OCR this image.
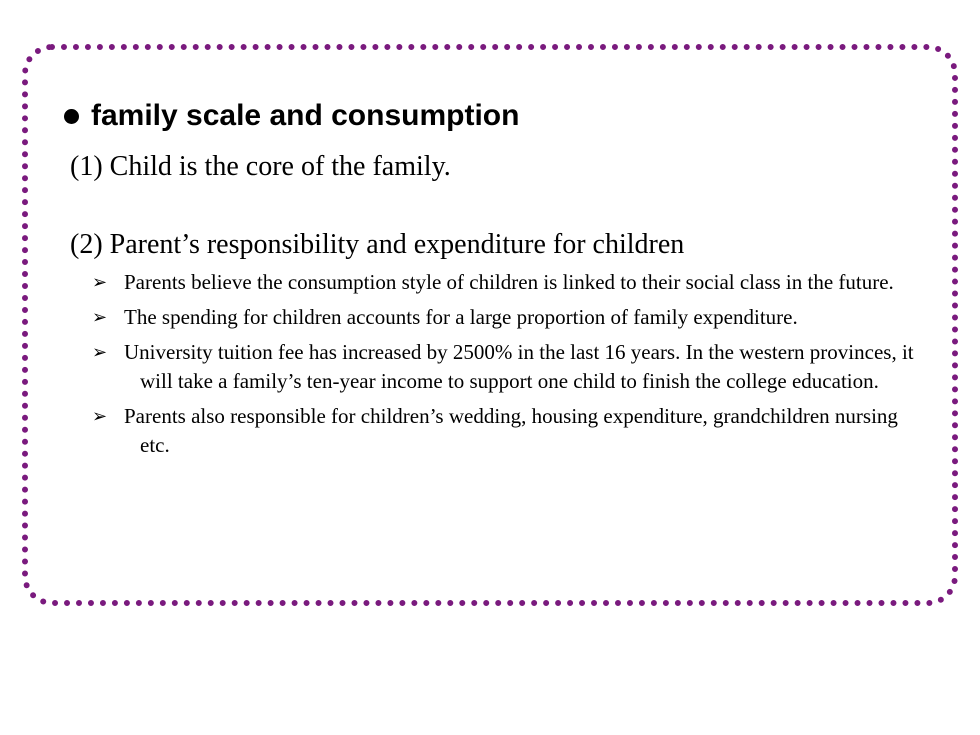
family scale and consumption
(1) Child is the core of the family.
(2) Parent’s responsibility and expenditure for children
➢ Parents believe the consumption style of children is linked to their social class in the future.
➢ The spending for children accounts for a large proportion of family expenditure.
➢ University tuition fee has increased by 2500% in the last 16 years. In the western provinces, it will take a family’s ten-year income to support one child to finish the college education.
➢ Parents also responsible for children’s wedding, housing expenditure, grandchildren nursing etc.
